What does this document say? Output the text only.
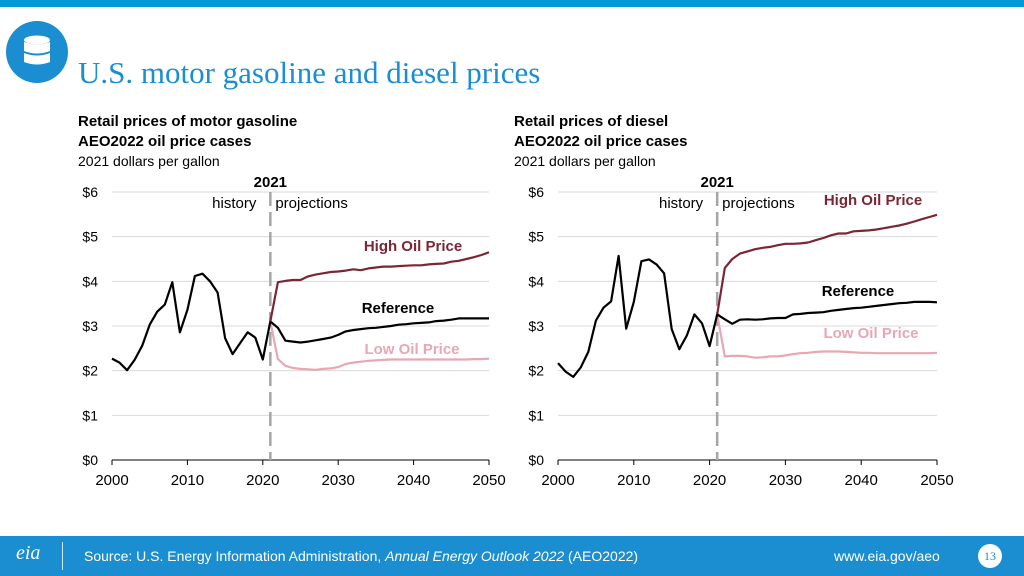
U.S. motor gasoline and diesel prices
Retail prices of motor gasoline
AEO2022 oil price cases
2021 dollars per gallon
Retail prices of diesel
AEO2022 oil price cases
2021 dollars per gallon
$0
$1
$2
$3
$4
$5
$6
2000	2010	2020	2030	2040	2050
2021
history projections
Low Oil Price
High Oil Price
Reference
$0
$1
$2
$3
$4
$5
$6
2000	2010	2020	2030	2040	2050
2021
history projections
Low Oil Price
High Oil Price
Reference
eia	Source: U.S. Energy Information Administration, Annual Energy Outlook 2022 (AEO2022)	www.eia.gov/aeo	13
